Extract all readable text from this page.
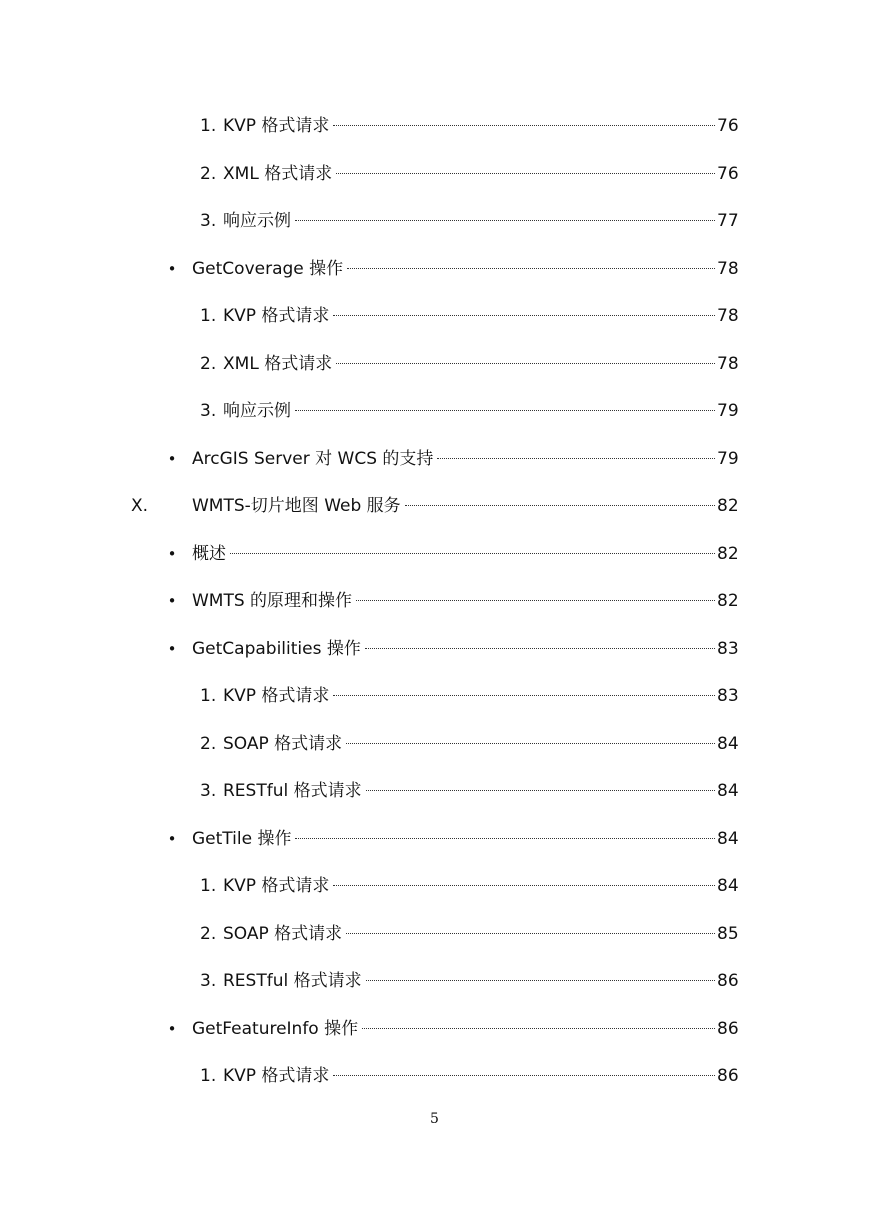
1. KVP 格式请求	76
2. XML 格式请求	76
3. 响应示例	77
• GetCoverage 操作	78
1. KVP 格式请求	78
2. XML 格式请求	78
3. 响应示例	79
• ArcGIS Server 对 WCS 的支持	79
X.	WMTS-切片地图 Web 服务	82
• 概述	82
• WMTS 的原理和操作	82
• GetCapabilities 操作	83
1. KVP 格式请求	83
2. SOAP 格式请求	84
3. RESTful 格式请求	84
• GetTile 操作	84
1. KVP 格式请求	84
2. SOAP 格式请求	85
3. RESTful 格式请求	86
• GetFeatureInfo 操作	86
1. KVP 格式请求	86
5
